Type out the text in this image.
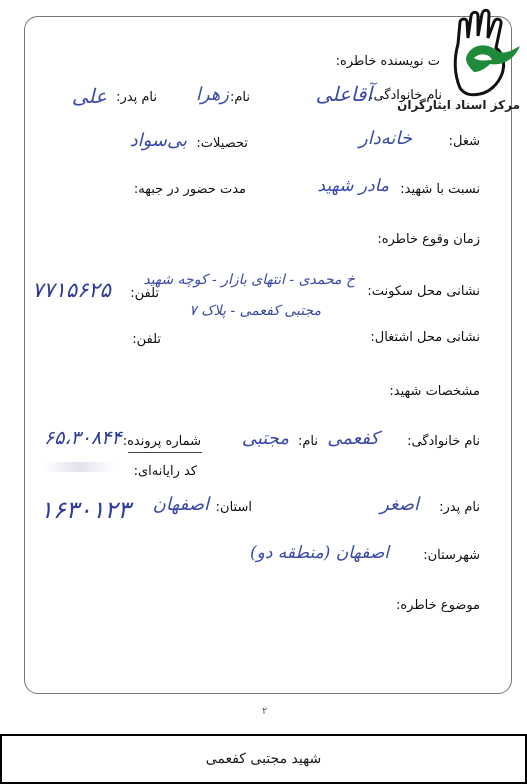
مرکز اسناد ایثارگران
ت نویسنده خاطره:
نام خانوادگی:
آقاعلی
نام:
زهرا
نام پدر:
علی
شغل:
خانه‌دار
تحصیلات:
بی‌سواد
نسبت با شهید:
مادر شهید
مدت حضور در جبهه:
زمان وقوع خاطره:
نشانی محل سکونت:
خ محمدی - انتهای بازار - کوچه شهید
مجتبی کفعمی - پلاک ۷
تلفن:
۷۷۱۵۶۲۵
نشانی محل اشتغال:
تلفن:
مشخصات شهید:
نام خانوادگی:
کفعمی
نام:
مجتبی
شماره پرونده:
۶۵،۳۰۸۴۴
کد رایانه‌ای:
نام پدر:
اصغر
استان:
اصفهان
۱۶۳۰۱۲۳
شهرستان:
اصفهان (منطقه دو)
موضوع خاطره:
۲
شهید مجتبی کفعمی
